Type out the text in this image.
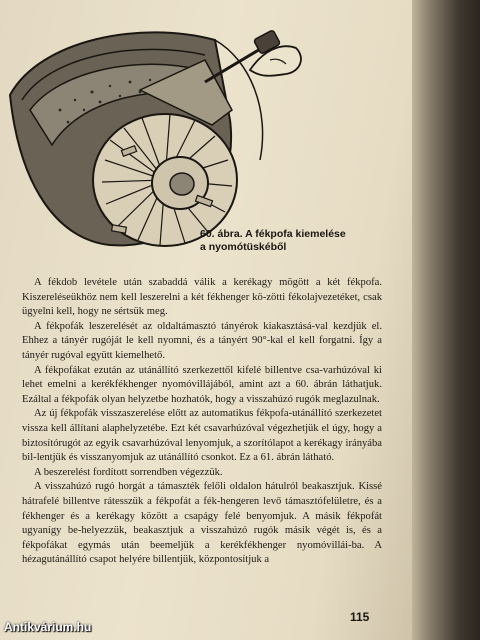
60. ábra. A fékpofa kiemelése
a nyomótüskéből

A fékdob levétele után szabaddá válik a kerékagy mögött a két fékpofa. Kiszereléseükhöz nem kell leszerelni a két fékhenger kö-zötti fékolajvezetéket, csak ügyelni kell, hogy ne sértsük meg.

A fékpofák leszerelését az oldaltámasztó tányérok kiakasztásá-val kezdjük el. Ehhez a tányér rugóját le kell nyomni, és a tányért 90°-kal el kell forgatni. Így a tányér rugóval együtt kiemelhető.

A fékpofákat ezután az utánállító szerkezettől kifelé billentve csa-varhúzóval ki lehet emelni a kerékfékhenger nyomóvillájából, amint azt a 60. ábrán láthatjuk. Ezáltal a fékpofák olyan helyzetbe hozhatók, hogy a visszahúzó rugók meglazulnak.

Az új fékpofák visszaszerelése előtt az automatikus fékpofa-utánállító szerkezetet vissza kell állítani alaphelyzetébe. Ezt két csavarhúzóval végezhetjük el úgy, hogy a biztosítórugót az egyik csavarhúzóval lenyomjuk, a szorítólapot a kerékagy irányába bil-lentjük és visszanyomjuk az utánállító csonkot. Ez a 61. ábrán látható.

A beszerelést fordított sorrendben végezzük.

A visszahúzó rugó horgát a támaszték felőli oldalon hátulról beakasztjuk. Kissé hátrafelé billentve rátesszük a fékpofát a fék-hengeren levő támasztófelületre, és a fékhenger és a kerékagy között a csapágy felé benyomjuk. A másik fékpofát ugyanígy be-helyezzük, beakasztjuk a visszahúzó rugók másik végét is, és a fékpofákat egymás után beemeljük a kerékfékhenger nyomóvillái-ba. A hézagutánállító csapot helyére billentjük, központosítjuk a

115
Antikvárium.hu
